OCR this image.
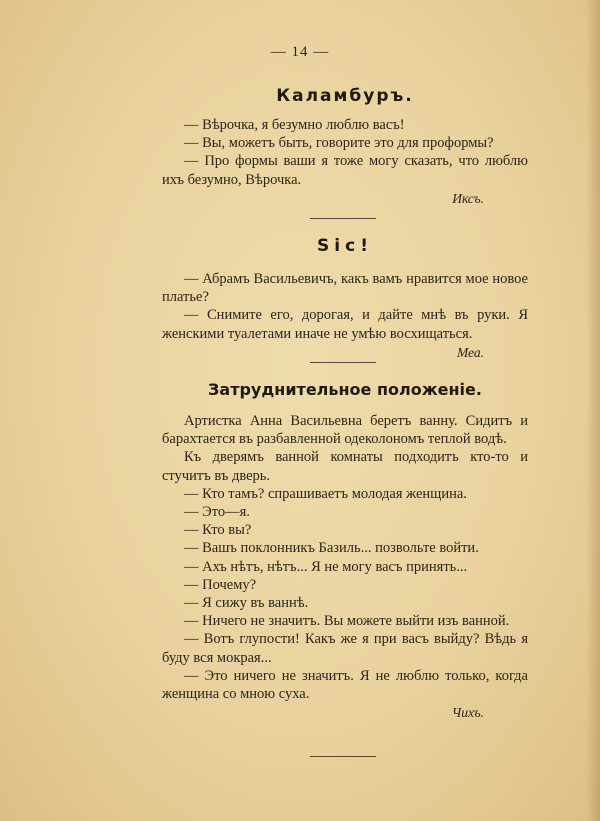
— 14 —
Каламбуръ.

— Вѣрочка, я безумно люблю васъ!

— Вы, можетъ быть, говорите это для проформы?

— Про формы ваши я тоже могу сказать, что люблю ихъ безумно, Вѣрочка.

Иксъ.
Sic!

— Абрамъ Васильевичъ, какъ вамъ нравится мое новое платье?

— Снимите его, дорогая, и дайте мнѣ въ руки. Я женскими туалетами иначе не умѣю восхищаться.

Меа.
Затруднительное положеніе.

Артистка Анна Васильевна беретъ ванну. Сидитъ и барахтается въ разбавленной одеколономъ теплой водѣ.

Къ дверямъ ванной комнаты подходитъ кто-то и стучитъ въ дверь.

— Кто тамъ? спрашиваетъ молодая женщина.

— Это—я.

— Кто вы?

— Вашъ поклонникъ Базиль... позвольте войти.

— Ахъ нѣтъ, нѣтъ... Я не могу васъ принять...

— Почему?

— Я сижу въ ваннѣ.

— Ничего не значитъ. Вы можете выйти изъ ванной.

— Вотъ глупости! Какъ же я при васъ выйду? Вѣдь я буду вся мокрая...

— Это ничего не значитъ. Я не люблю только, когда женщина со мною суха.

Чихъ.
